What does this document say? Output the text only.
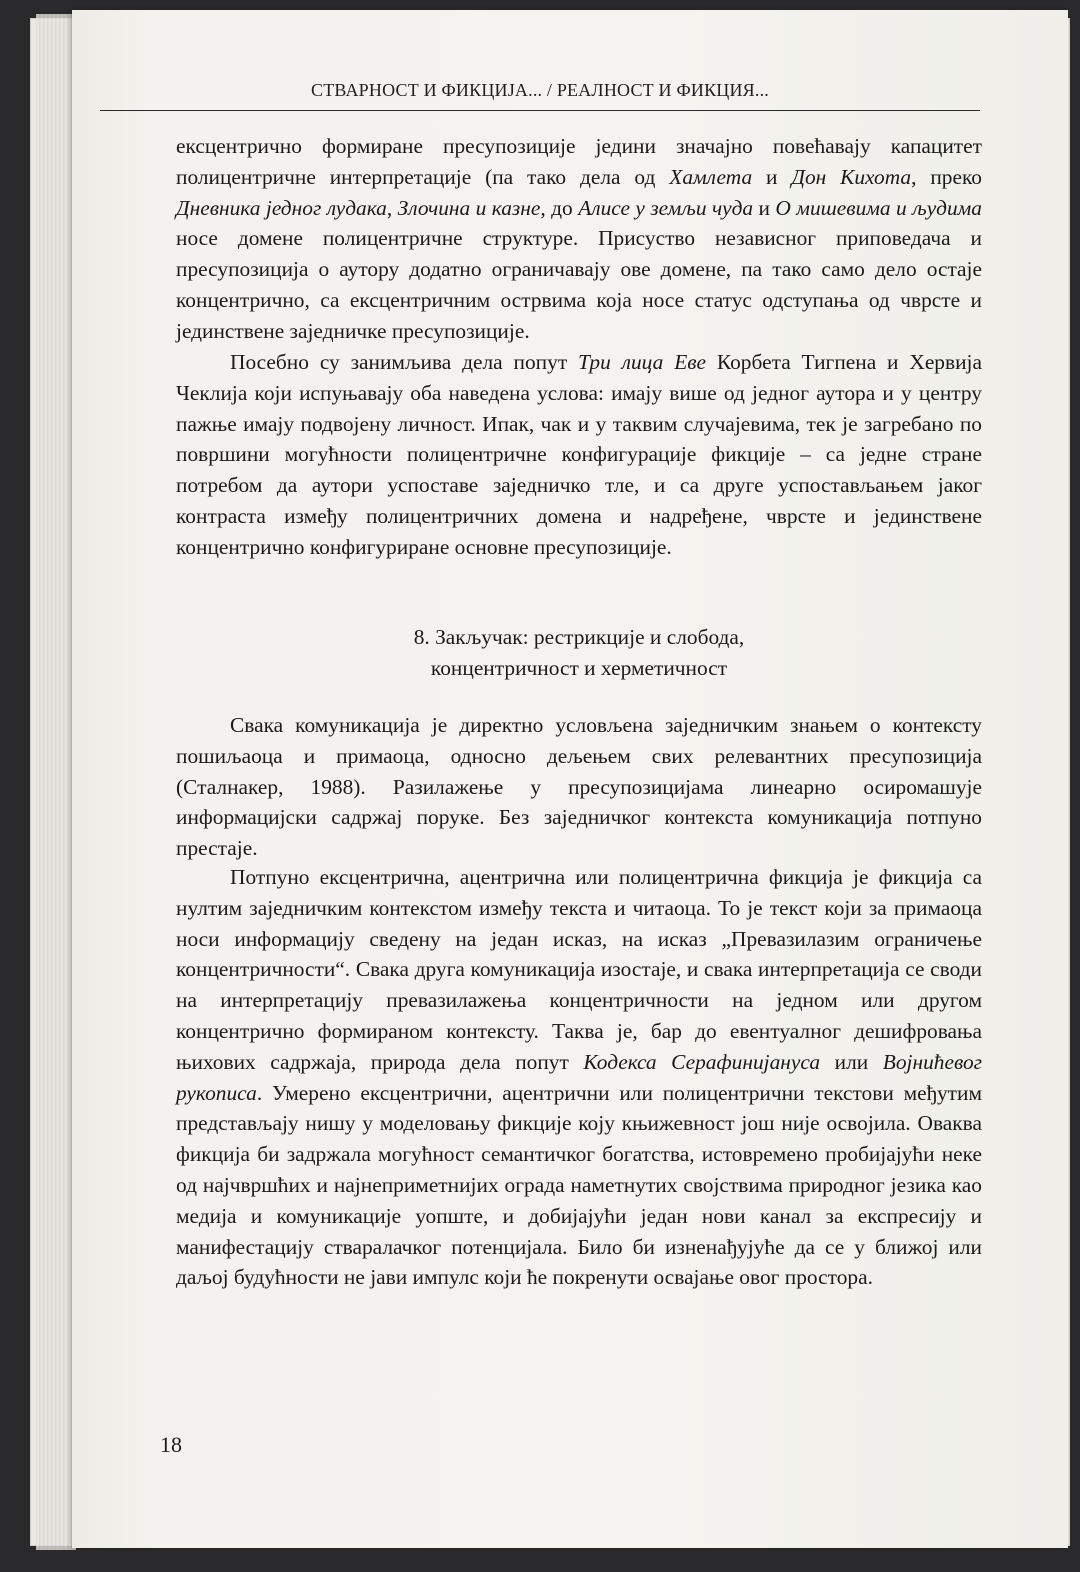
СТВАРНОСТ И ФИКЦИЈА... / РЕАЛНОСТ И ФИКЦИЯ...

ексцентрично формиране пресупозиције једини значајно повећавају капацитет полицентричне интерпретације (па тако дела од Хамлета и Дон Кихота, преко Дневника једног лудака, Злочина и казне, до Алисе у земљи чуда и О мишевима и људима носе домене полицентричне структуре. Присуство независног приповедача и пресупозиција о аутору додатно ограничавају ове домене, па тако само дело остаје концентрично, са ексцентричним острвима која носе статус одступања од чврсте и јединствене заједничке пресупозиције.

Посебно су занимљива дела попут Три лица Еве Корбета Тигпена и Хервија Чеклија који испуњавају оба наведена услова: имају више од једног аутора и у центру пажње имају подвојену личност. Ипак, чак и у таквим случајевима, тек је загребано по површини могућности полицентричне конфигурације фикције – са једне стране потребом да аутори успоставе заједничко тле, и са друге успостављањем јаког контраста између полицентричних домена и надређене, чврсте и јединствене концентрично конфигуриране основне пресупозиције.

8. Закључак: рестрикције и слобода,
концентричност и херметичност

Свака комуникација је директно условљена заједничким знањем о контексту пошиљаоца и примаоца, односно дељењем свих релевантних пресупозиција (Сталнакер, 1988). Разилажење у пресупозицијама линеарно осиромашује информацијски садржај поруке. Без заједничког контекста комуникација потпуно престаје.

Потпуно ексцентрична, ацентрична или полицентрична фикција је фикција са нултим заједничким контекстом између текста и читаоца. То је текст који за примаоца носи информацију сведену на један исказ, на исказ „Превазилазим ограничење концентричности“. Свака друга комуникација изостаје, и свака интерпретација се своди на интерпретацију превазилажења концентричности на једном или другом концентрично формираном контексту. Таква је, бар до евентуалног дешифровања њихових садржаја, природа дела попут Кодекса Серафинијануса или Војнићевог рукописа. Умерено ексцентрични, ацентрични или полицентрични текстови међутим представљају нишу у моделовању фикције коју књижевност још није освојила. Оваква фикција би задржала могућност семантичког богатства, истовремено пробијајући неке од најчвршћих и најнеприметнијих ограда наметнутих својствима природног језика као медија и комуникације уопште, и добијајући један нови канал за експресију и манифестацију стваралачког потенцијала. Било би изненађујуће да се у ближој или даљој будућности не јави импулс који ће покренути освајање овог простора.

18
